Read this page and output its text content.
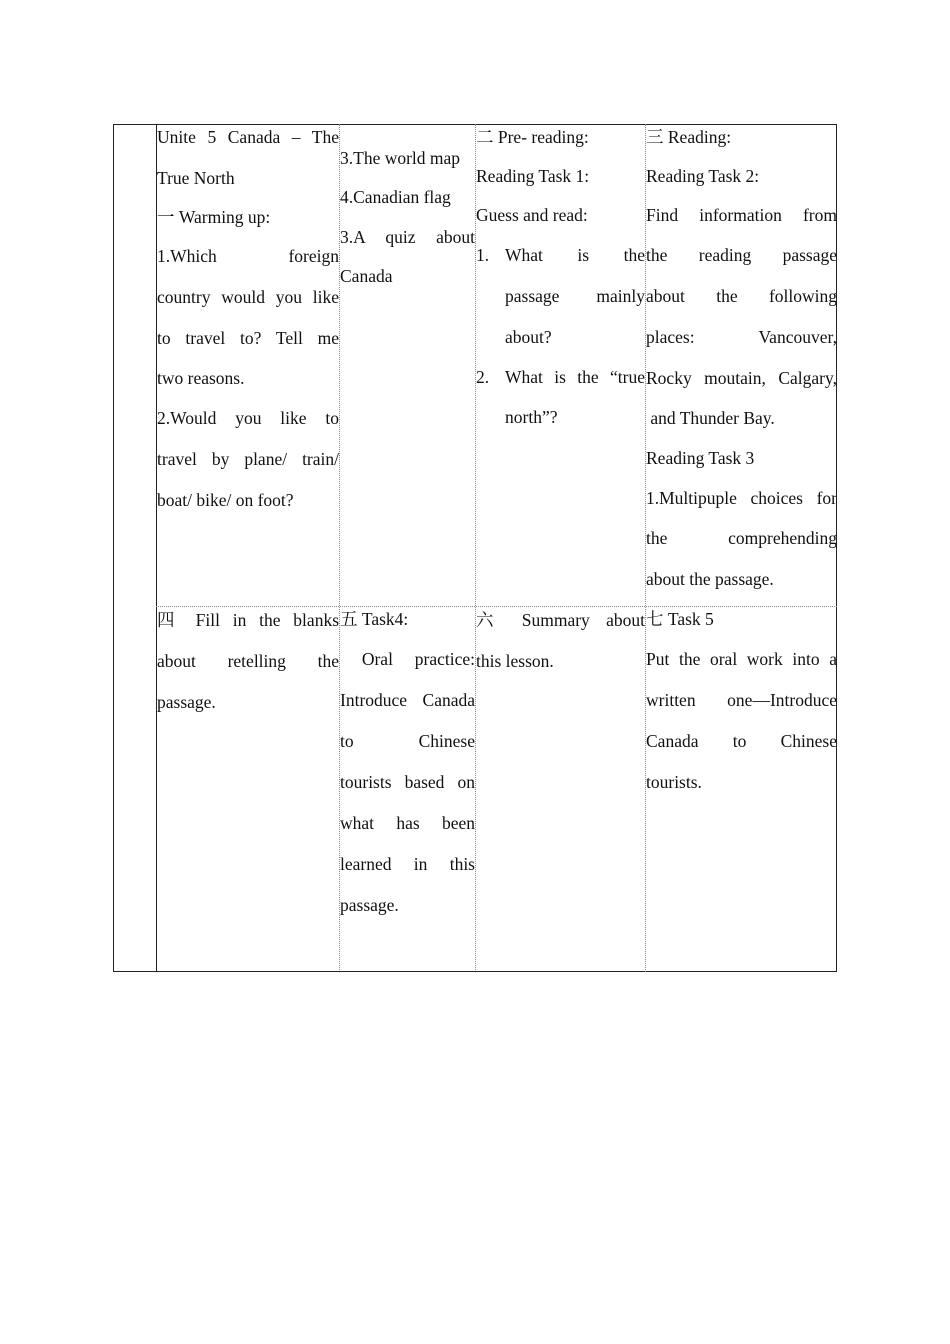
Unite 5 Canada – The

True North

一 Warming up:

1.Which foreign

country would you like

to travel to? Tell me

two reasons.

2.Would you like to

travel by plane/ train/

boat/ bike/ on foot?

3.The world map

4.Canadian flag

3.A quiz about

Canada

二 Pre- reading:

Reading Task 1:

Guess and read:

1. What is the

passage mainly

about?

2. What is the “true

north”?

三 Reading:

Reading Task 2:

Find information from

the reading passage

about the following

places: Vancouver,

Rocky moutain, Calgary,

and Thunder Bay.

Reading Task 3

1.Multipuple choices for

the comprehending

about the passage.

四 Fill in the blanks

about retelling the

passage.

五 Task4:

Oral practice:

Introduce Canada

to Chinese

tourists based on

what has been

learned in this

passage.

六 Summary about

this lesson.

七 Task 5

Put the oral work into a

written one—Introduce

Canada to Chinese

tourists.
